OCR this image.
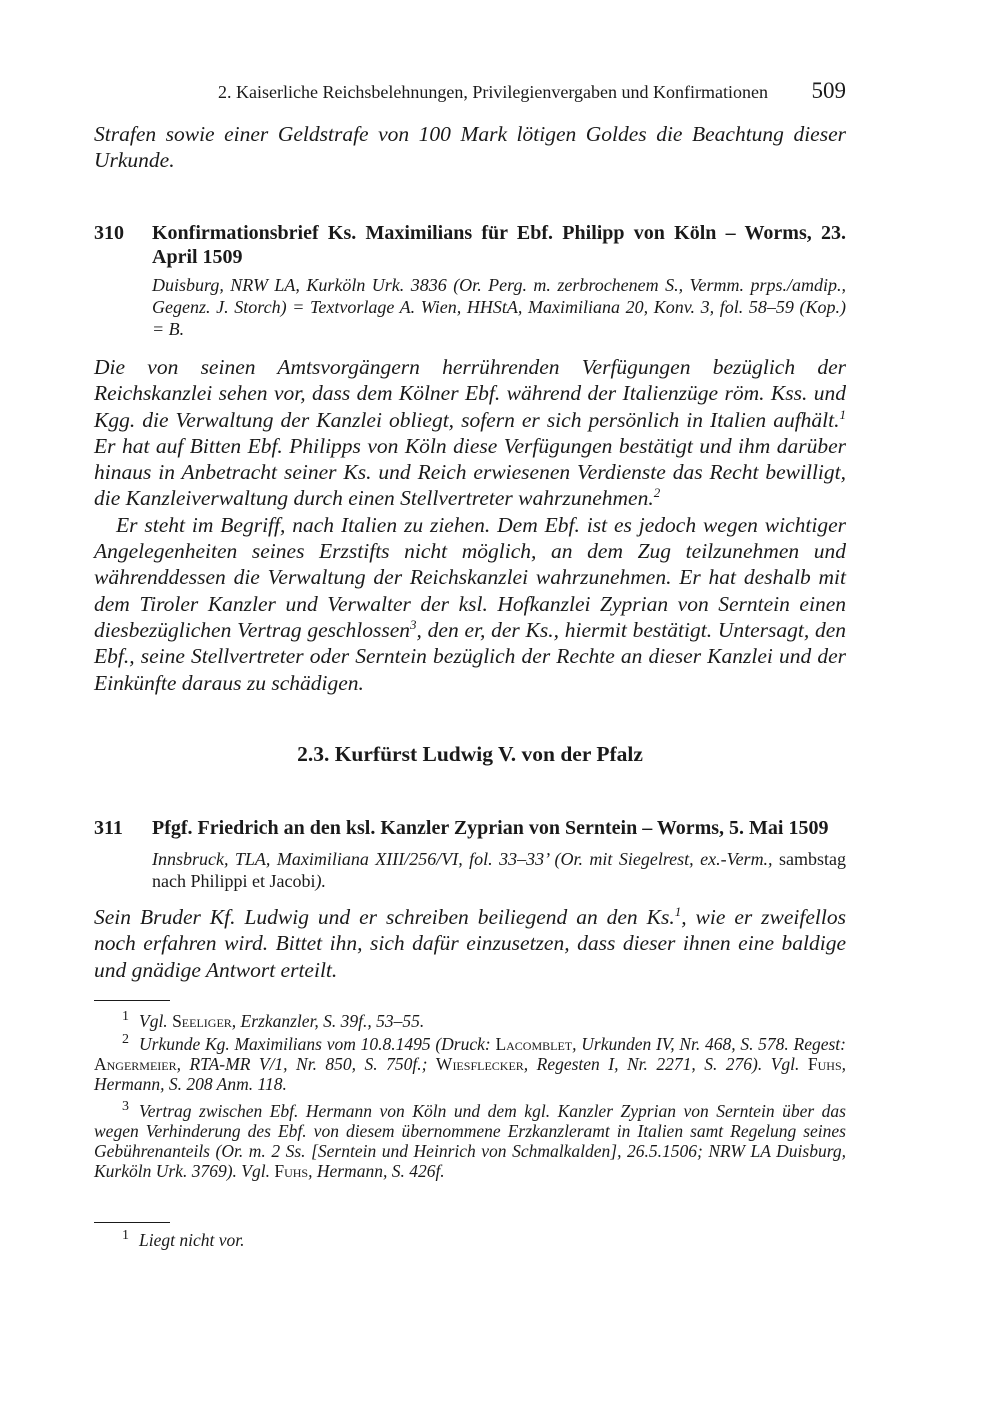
2. Kaiserliche Reichsbelehnungen, Privilegienvergaben und Konfirmationen 509

Strafen sowie einer Geldstrafe von 100 Mark lötigen Goldes die Beachtung dieser Urkunde.

310 Konfirmationsbrief Ks. Maximilians für Ebf. Philipp von Köln – Worms, 23. April 1509
Duisburg, NRW LA, Kurköln Urk. 3836 (Or. Perg. m. zerbrochenem S., Vermm. prps./amdip., Gegenz. J. Storch) = Textvorlage A. Wien, HHStA, Maximiliana 20, Konv. 3, fol. 58–59 (Kop.) = B.

Die von seinen Amtsvorgängern herrührenden Verfügungen bezüglich der Reichskanzlei sehen vor, dass dem Kölner Ebf. während der Italienzüge röm. Kss. und Kgg. die Verwaltung der Kanzlei obliegt, sofern er sich persönlich in Italien aufhält.$^1$ Er hat auf Bitten Ebf. Philipps von Köln diese Verfügungen bestätigt und ihm darüber hinaus in Anbetracht seiner Ks. und Reich erwiesenen Verdienste das Recht bewilligt, die Kanzleiverwaltung durch einen Stellvertreter wahrzunehmen.$^2$

Er steht im Begriff, nach Italien zu ziehen. Dem Ebf. ist es jedoch wegen wichtiger Angelegenheiten seines Erzstifts nicht möglich, an dem Zug teilzunehmen und währenddessen die Verwaltung der Reichskanzlei wahrzunehmen. Er hat deshalb mit dem Tiroler Kanzler und Verwalter der ksl. Hofkanzlei Zyprian von Serntein einen diesbezüglichen Vertrag geschlossen$^3$, den er, der Ks., hiermit bestätigt. Untersagt, den Ebf., seine Stellvertreter oder Serntein bezüglich der Rechte an dieser Kanzlei und der Einkünfte daraus zu schädigen.

2.3. Kurfürst Ludwig V. von der Pfalz
311 Pfgf. Friedrich an den ksl. Kanzler Zyprian von Serntein – Worms, 5. Mai 1509
Innsbruck, TLA, Maximiliana XIII/256/VI, fol. 33–33’ (Or. mit Siegelrest, ex.-Verm., sambstag nach Philippi et Jacobi).

Sein Bruder Kf. Ludwig und er schreiben beiliegend an den Ks.$^1$, wie er zweifellos noch erfahren wird. Bittet ihn, sich dafür einzusetzen, dass dieser ihnen eine baldige und gnädige Antwort erteilt.

$^1$ Vgl. Seeliger, Erzkanzler, S. 39f., 53–55.
$^2$ Urkunde Kg. Maximilians vom 10.8.1495 (Druck: Lacomblet, Urkunden IV, Nr. 468, S. 578. Regest: Angermeier, RTA-MR V/1, Nr. 850, S. 750f.; Wiesflecker, Regesten I, Nr. 2271, S. 276). Vgl. Fuhs, Hermann, S. 208 Anm. 118.
$^3$ Vertrag zwischen Ebf. Hermann von Köln und dem kgl. Kanzler Zyprian von Serntein über das wegen Verhinderung des Ebf. von diesem übernommene Erzkanzleramt in Italien samt Regelung seines Gebührenanteils (Or. m. 2 Ss. [Serntein und Heinrich von Schmalkalden], 26.5.1506; NRW LA Duisburg, Kurköln Urk. 3769). Vgl. Fuhs, Hermann, S. 426f.
$^1$ Liegt nicht vor.
